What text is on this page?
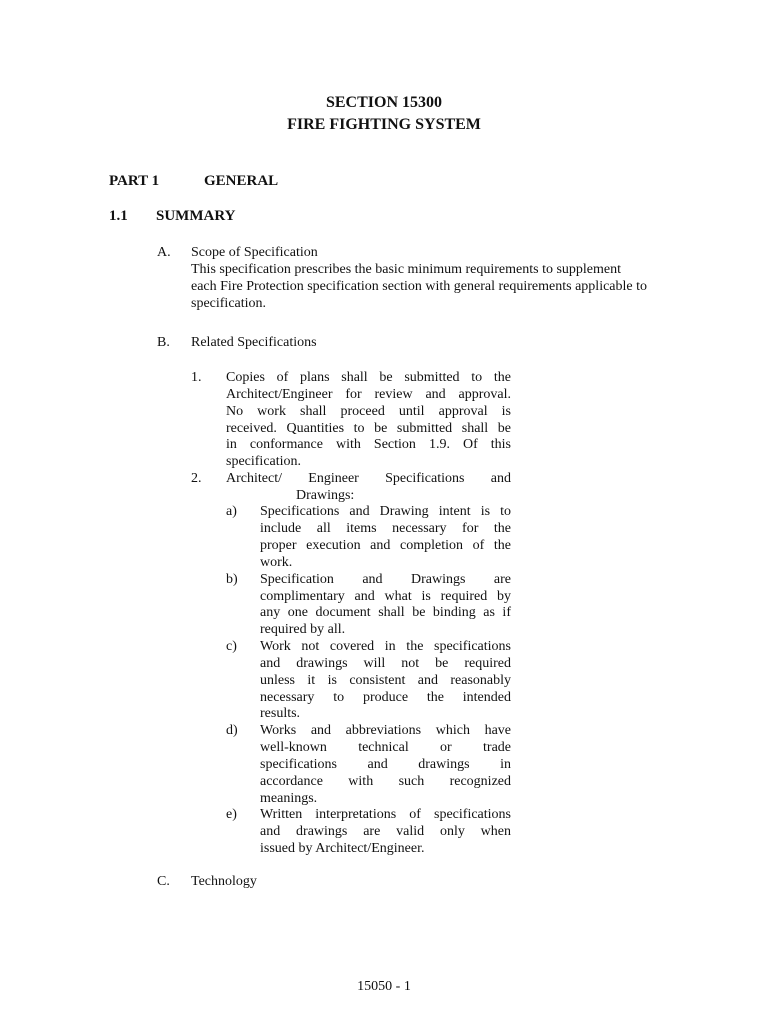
SECTION 15300
FIRE FIGHTING SYSTEM
PART 1	GENERAL
1.1 SUMMARY
A. Scope of Specification
This specification prescribes the basic minimum requirements to supplement
each Fire Protection specification section with general requirements applicable to
specification.
B. Related Specifications
1. Copies of plans shall be submitted to the
Architect/Engineer for review and approval.
No work shall proceed until approval is
received. Quantities to be submitted shall be
in conformance with Section 1.9. Of this
specification.
2. Architect/ Engineer Specifications and
Drawings:
a) Specifications and Drawing intent is to
include all items necessary for the
proper execution and completion of the
work.
b) Specification and Drawings are
complimentary and what is required by
any one document shall be binding as if
required by all.
c) Work not covered in the specifications
and drawings will not be required
unless it is consistent and reasonably
necessary to produce the intended
results.
d) Works and abbreviations which have
well-known technical or trade
specifications and drawings in
accordance with such recognized
meanings.
e) Written interpretations of specifications
and drawings are valid only when
issued by Architect/Engineer.
C. Technology
15050 - 1
